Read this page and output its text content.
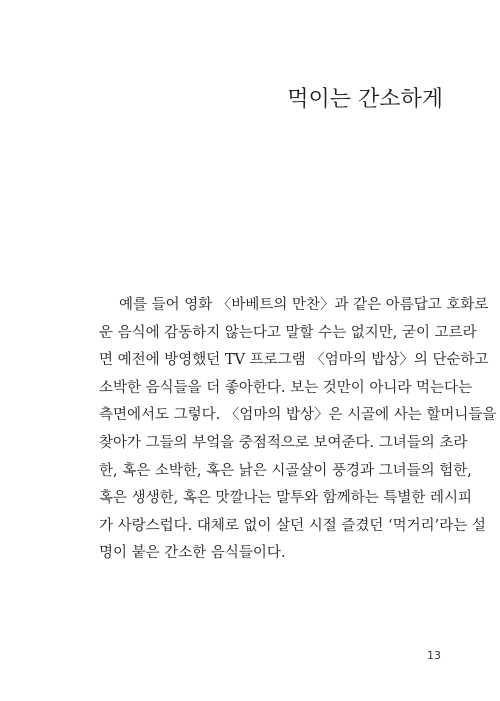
먹이는 간소하게
예를 들어 영화 〈바베트의 만찬〉과 같은 아름답고 호화로
운 음식에 감동하지 않는다고 말할 수는 없지만, 굳이 고르라
면 예전에 방영했던 TV 프로그램 〈엄마의 밥상〉의 단순하고
소박한 음식들을 더 좋아한다. 보는 것만이 아니라 먹는다는
측면에서도 그렇다. 〈엄마의 밥상〉은 시골에 사는 할머니들을
찾아가 그들의 부엌을 중점적으로 보여준다. 그녀들의 초라
한, 혹은 소박한, 혹은 낡은 시골살이 풍경과 그녀들의 험한,
혹은 생생한, 혹은 맛깔나는 말투와 함께하는 특별한 레시피
가 사랑스럽다. 대체로 없이 살던 시절 즐겼던 ‘먹거리’라는 설
명이 붙은 간소한 음식들이다.
13
